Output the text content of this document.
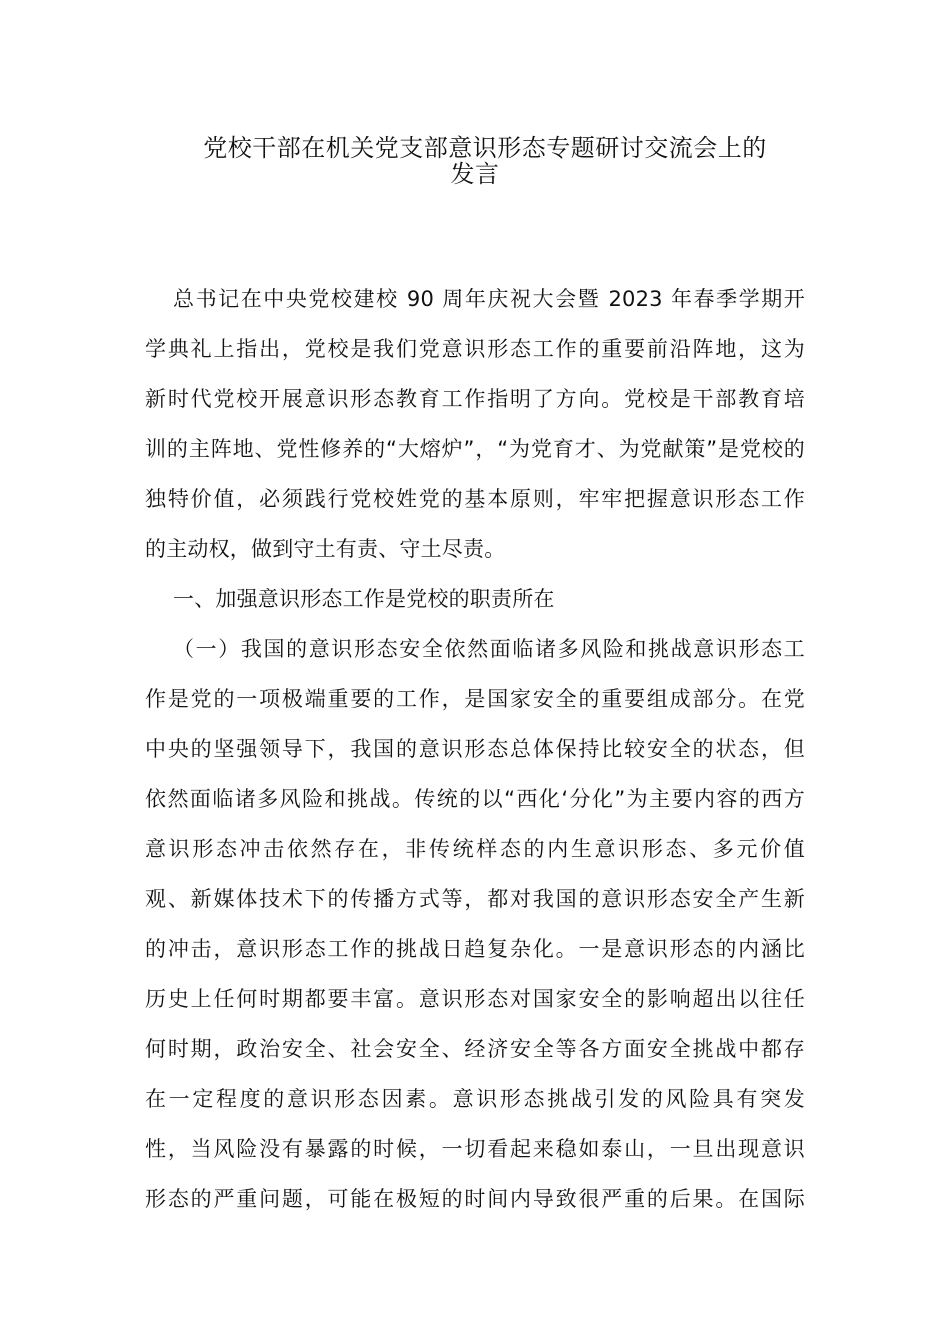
党校干部在机关党支部意识形态专题研讨交流会上的
发言
总书记在中央党校建校 90 周年庆祝大会暨 2023 年春季学期开
学典礼上指出，党校是我们党意识形态工作的重要前沿阵地，这为
新时代党校开展意识形态教育工作指明了方向。党校是干部教育培
训的主阵地、党性修养的“大熔炉”，“为党育才、为党献策”是党校的
独特价值，必须践行党校姓党的基本原则，牢牢把握意识形态工作
的主动权，做到守土有责、守土尽责。
一、加强意识形态工作是党校的职责所在
（一）我国的意识形态安全依然面临诸多风险和挑战意识形态工
作是党的一项极端重要的工作，是国家安全的重要组成部分。在党
中央的坚强领导下，我国的意识形态总体保持比较安全的状态，但
依然面临诸多风险和挑战。传统的以“西化‘分化”为主要内容的西方
意识形态冲击依然存在，非传统样态的内生意识形态、多元价值
观、新媒体技术下的传播方式等，都对我国的意识形态安全产生新
的冲击，意识形态工作的挑战日趋复杂化。一是意识形态的内涵比
历史上任何时期都要丰富。意识形态对国家安全的影响超出以往任
何时期，政治安全、社会安全、经济安全等各方面安全挑战中都存
在一定程度的意识形态因素。意识形态挑战引发的风险具有突发
性，当风险没有暴露的时候，一切看起来稳如泰山，一旦出现意识
形态的严重问题，可能在极短的时间内导致很严重的后果。在国际
